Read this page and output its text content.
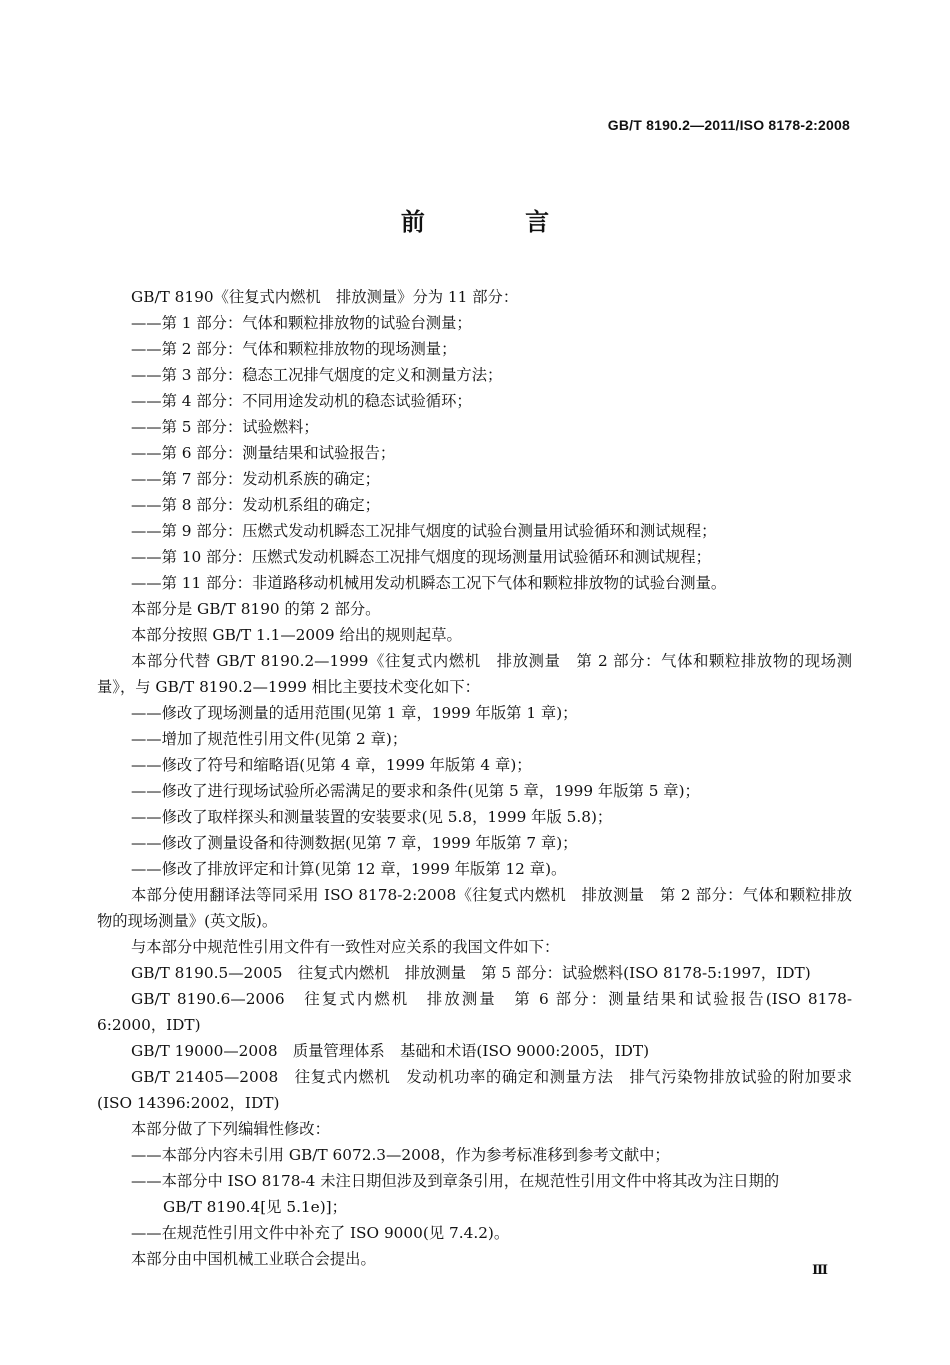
GB/T 8190.2—2011/ISO 8178-2:2008
前 言
GB/T 8190《往复式内燃机　排放测量》分为 11 部分：
——第 1 部分：气体和颗粒排放物的试验台测量；
——第 2 部分：气体和颗粒排放物的现场测量；
——第 3 部分：稳态工况排气烟度的定义和测量方法；
——第 4 部分：不同用途发动机的稳态试验循环；
——第 5 部分：试验燃料；
——第 6 部分：测量结果和试验报告；
——第 7 部分：发动机系族的确定；
——第 8 部分：发动机系组的确定；
——第 9 部分：压燃式发动机瞬态工况排气烟度的试验台测量用试验循环和测试规程；
——第 10 部分：压燃式发动机瞬态工况排气烟度的现场测量用试验循环和测试规程；
——第 11 部分：非道路移动机械用发动机瞬态工况下气体和颗粒排放物的试验台测量。
本部分是 GB/T 8190 的第 2 部分。
本部分按照 GB/T 1.1—2009 给出的规则起草。
本部分代替 GB/T 8190.2—1999《往复式内燃机　排放测量　第 2 部分：气体和颗粒排放物的现场测量》，与 GB/T 8190.2—1999 相比主要技术变化如下：
——修改了现场测量的适用范围(见第 1 章，1999 年版第 1 章)；
——增加了规范性引用文件(见第 2 章)；
——修改了符号和缩略语(见第 4 章，1999 年版第 4 章)；
——修改了进行现场试验所必需满足的要求和条件(见第 5 章，1999 年版第 5 章)；
——修改了取样探头和测量装置的安装要求(见 5.8，1999 年版 5.8)；
——修改了测量设备和待测数据(见第 7 章，1999 年版第 7 章)；
——修改了排放评定和计算(见第 12 章，1999 年版第 12 章)。
本部分使用翻译法等同采用 ISO 8178-2:2008《往复式内燃机　排放测量　第 2 部分：气体和颗粒排放物的现场测量》(英文版)。
与本部分中规范性引用文件有一致性对应关系的我国文件如下：
GB/T 8190.5—2005　往复式内燃机　排放测量　第 5 部分：试验燃料(ISO 8178-5:1997，IDT)
GB/T 8190.6—2006　往复式内燃机　排放测量　第 6 部分：测量结果和试验报告(ISO 8178-6:2000，IDT)
GB/T 19000—2008　质量管理体系　基础和术语(ISO 9000:2005，IDT)
GB/T 21405—2008　往复式内燃机　发动机功率的确定和测量方法　排气污染物排放试验的附加要求(ISO 14396:2002，IDT)
本部分做了下列编辑性修改：
——本部分内容未引用 GB/T 6072.3—2008，作为参考标准移到参考文献中；
——本部分中 ISO 8178-4 未注日期但涉及到章条引用，在规范性引用文件中将其改为注日期的
GB/T 8190.4[见 5.1e)]；
——在规范性引用文件中补充了 ISO 9000(见 7.4.2)。
本部分由中国机械工业联合会提出。
Ⅲ
